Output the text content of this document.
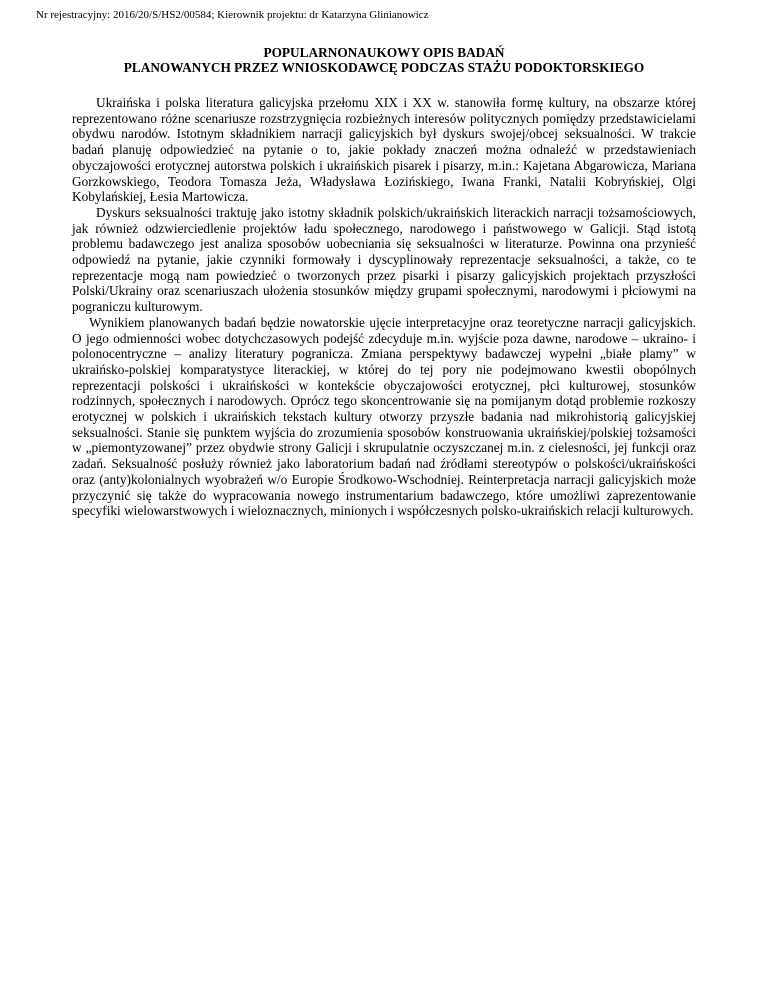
Nr rejestracyjny: 2016/20/S/HS2/00584; Kierownik projektu: dr Katarzyna Glinianowicz
POPULARNONAUKOWY OPIS BADAŃ
PLANOWANYCH PRZEZ WNIOSKODAWCĘ PODCZAS STAŻU PODOKTORSKIEGO

Ukraińska i polska literatura galicyjska przełomu XIX i XX w. stanowiła formę kultury, na obszarze której reprezentowano różne scenariusze rozstrzygnięcia rozbieżnych interesów politycznych pomiędzy przedstawicielami obydwu narodów. Istotnym składnikiem narracji galicyjskich był dyskurs swojej/obcej seksualności. W trakcie badań planuję odpowiedzieć na pytanie o to, jakie pokłady znaczeń można odnaleźć w przedstawieniach obyczajowości erotycznej autorstwa polskich i ukraińskich pisarek i pisarzy, m.in.: Kajetana Abgarowicza, Mariana Gorzkowskiego, Teodora Tomasza Jeża, Władysława Łozińskiego, Iwana Franki, Natalii Kobryńskiej, Olgi Kobylańskiej, Łesia Martowicza.

Dyskurs seksualności traktuję jako istotny składnik polskich/ukraińskich literackich narracji tożsamościowych, jak również odzwierciedlenie projektów ładu społecznego, narodowego i państwowego w Galicji. Stąd istotą problemu badawczego jest analiza sposobów uobecniania się seksualności w literaturze. Powinna ona przynieść odpowiedź na pytanie, jakie czynniki formowały i dyscyplinowały reprezentacje seksualności, a także, co te reprezentacje mogą nam powiedzieć o tworzonych przez pisarki i pisarzy galicyjskich projektach przyszłości Polski/Ukrainy oraz scenariuszach ułożenia stosunków między grupami społecznymi, narodowymi i płciowymi na pograniczu kulturowym.

Wynikiem planowanych badań będzie nowatorskie ujęcie interpretacyjne oraz teoretyczne narracji galicyjskich. O jego odmienności wobec dotychczasowych podejść zdecyduje m.in. wyjście poza dawne, narodowe – ukraino- i polonocentryczne – analizy literatury pogranicza. Zmiana perspektywy badawczej wypełni „białe plamy” w ukraińsko-polskiej komparatystyce literackiej, w której do tej pory nie podejmowano kwestii obopólnych reprezentacji polskości i ukraińskości w kontekście obyczajowości erotycznej, płci kulturowej, stosunków rodzinnych, społecznych i narodowych. Oprócz tego skoncentrowanie się na pomijanym dotąd problemie rozkoszy erotycznej w polskich i ukraińskich tekstach kultury otworzy przyszłe badania nad mikrohistorią galicyjskiej seksualności. Stanie się punktem wyjścia do zrozumienia sposobów konstruowania ukraińskiej/polskiej tożsamości w „piemontyzowanej” przez obydwie strony Galicji i skrupulatnie oczyszczanej m.in. z cielesności, jej funkcji oraz zadań. Seksualność posłuży również jako laboratorium badań nad źródłami stereotypów o polskości/ukraińskości oraz (anty)kolonialnych wyobrażeń w/o Europie Środkowo-Wschodniej. Reinterpretacja narracji galicyjskich może przyczynić się także do wypracowania nowego instrumentarium badawczego, które umożliwi zaprezentowanie specyfiki wielowarstwowych i wieloznacznych, minionych i współczesnych polsko-ukraińskich relacji kulturowych.
